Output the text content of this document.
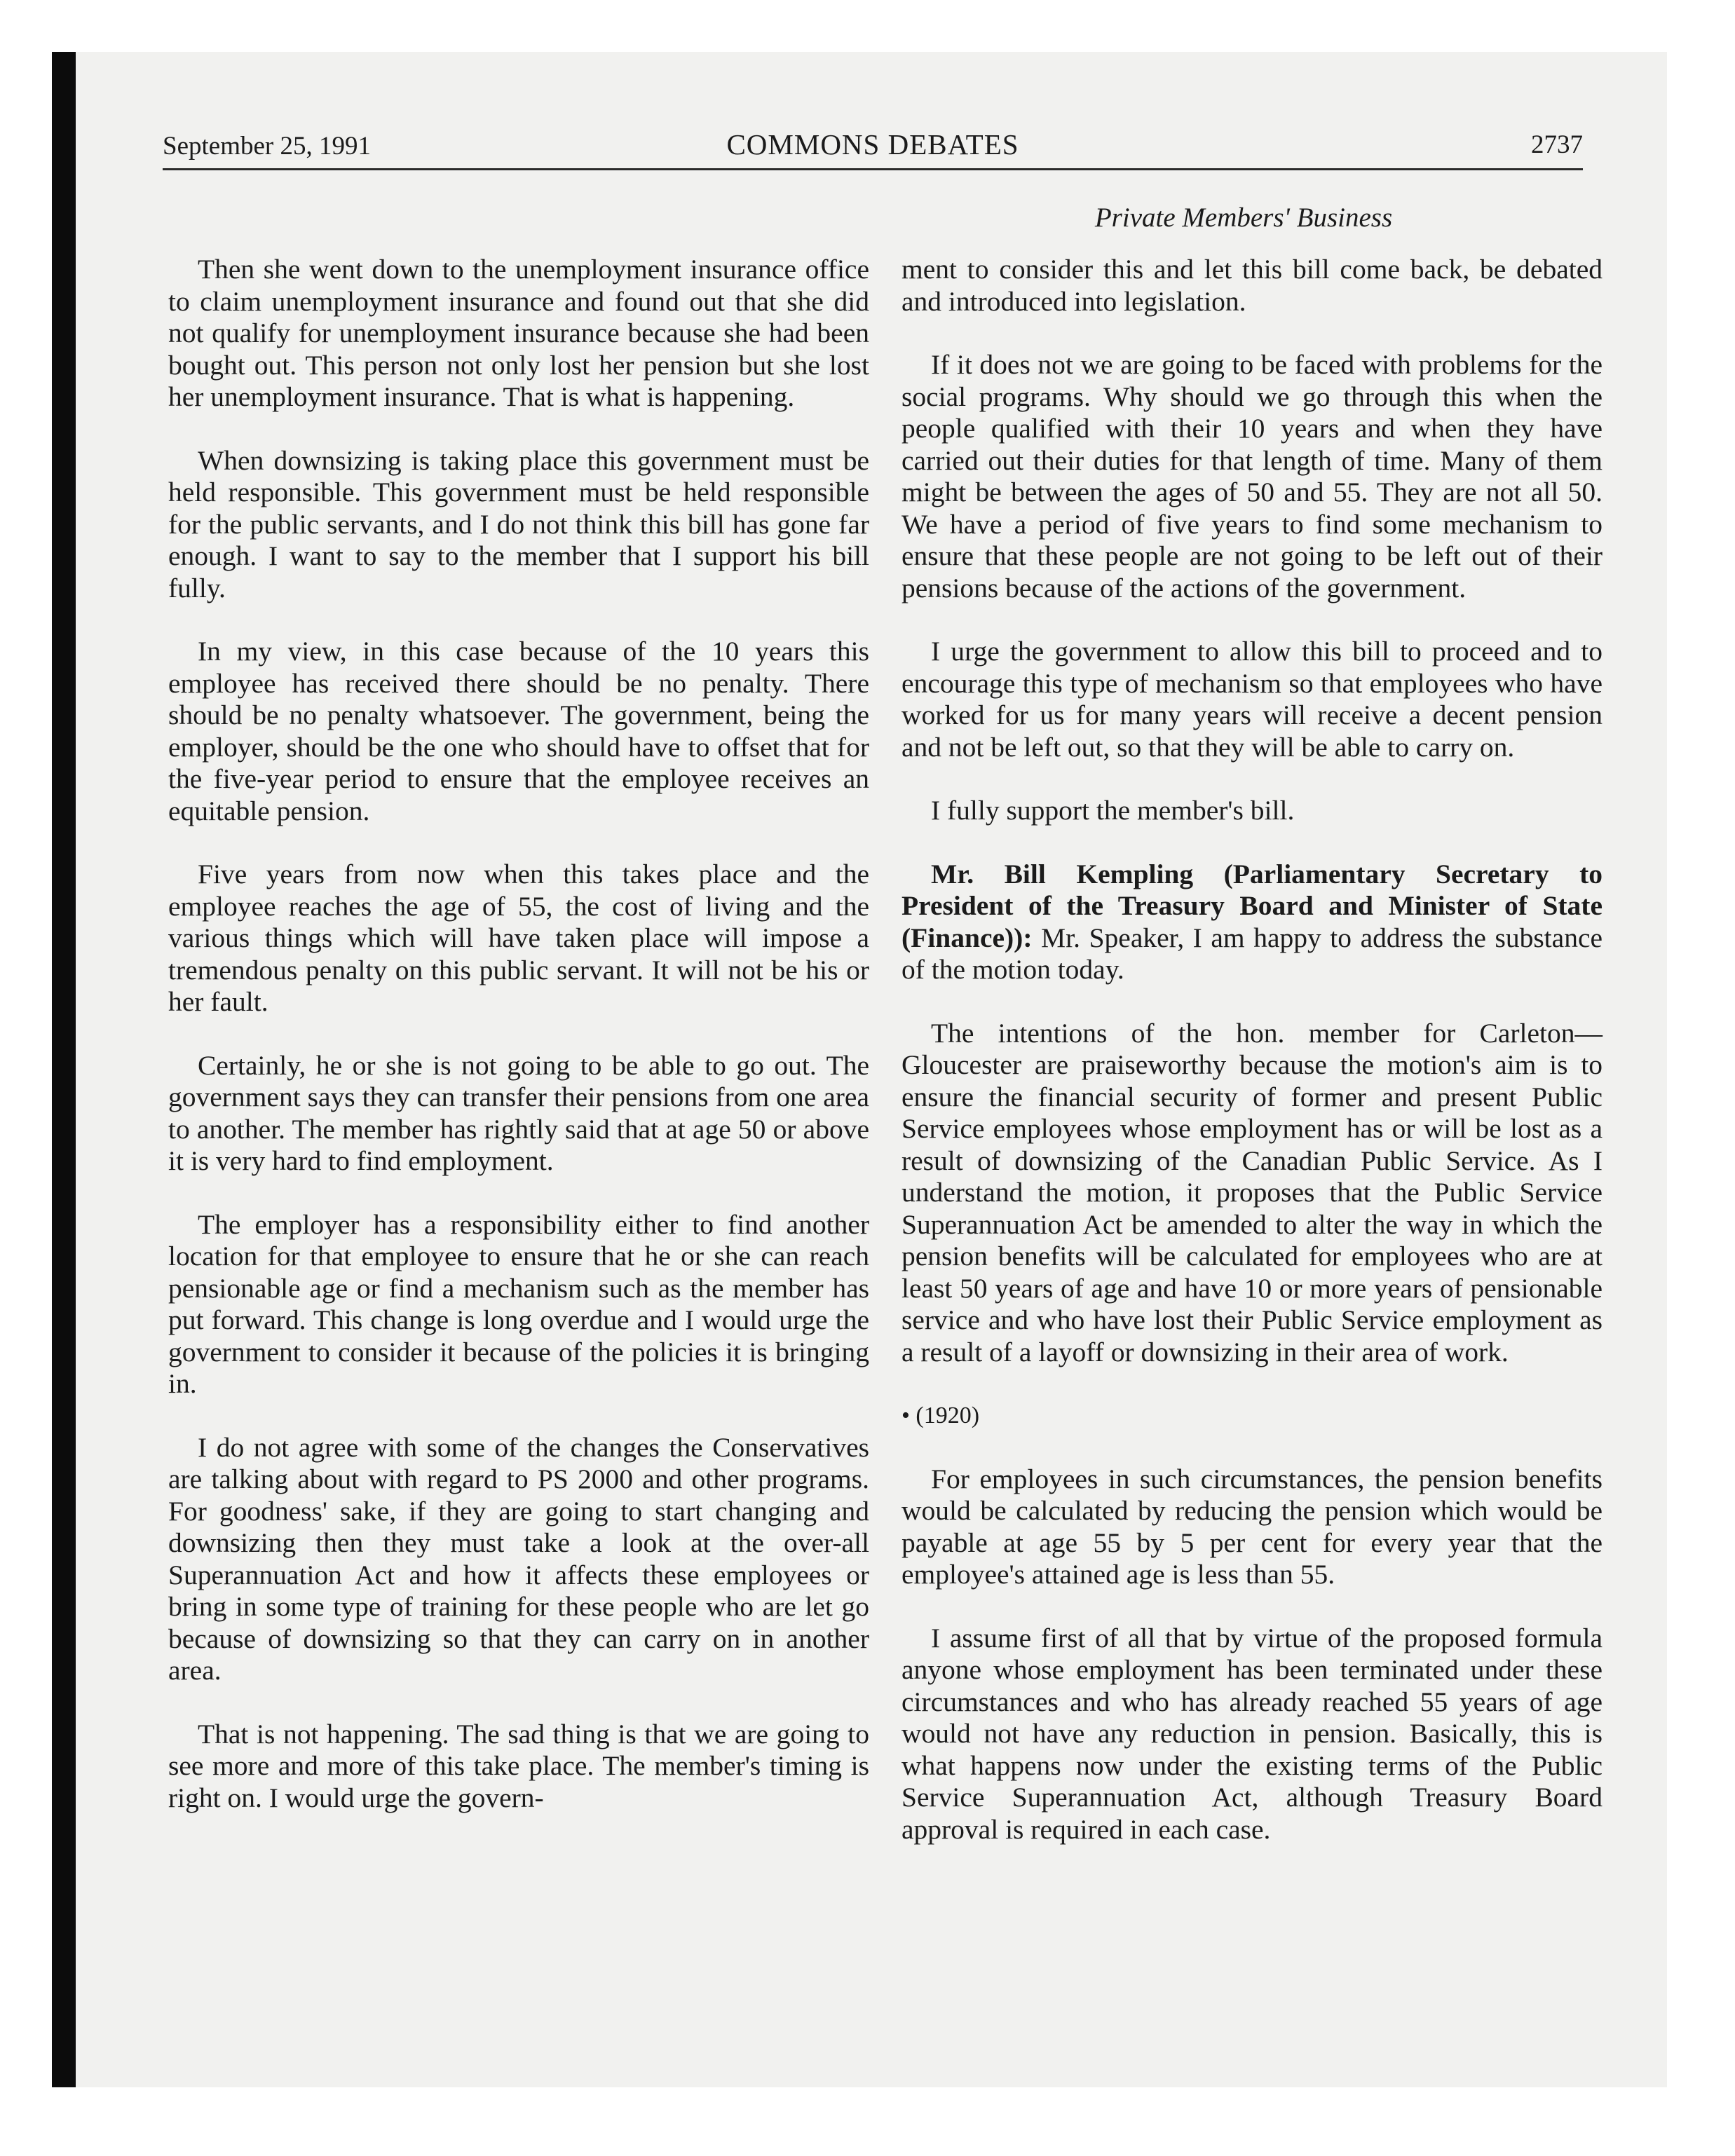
September 25, 1991	COMMONS DEBATES	2737
Private Members' Business

Then she went down to the unemployment insurance office to claim unemployment insurance and found out that she did not qualify for unemployment insurance because she had been bought out. This person not only lost her pension but she lost her unemployment insurance. That is what is happening.

When downsizing is taking place this government must be held responsible. This government must be held responsible for the public servants, and I do not think this bill has gone far enough. I want to say to the member that I support his bill fully.

In my view, in this case because of the 10 years this employee has received there should be no penalty. There should be no penalty whatsoever. The government, being the employer, should be the one who should have to offset that for the five-year period to ensure that the employee receives an equitable pension.

Five years from now when this takes place and the employee reaches the age of 55, the cost of living and the various things which will have taken place will impose a tremendous penalty on this public servant. It will not be his or her fault.

Certainly, he or she is not going to be able to go out. The government says they can transfer their pensions from one area to another. The member has rightly said that at age 50 or above it is very hard to find employment.

The employer has a responsibility either to find another location for that employee to ensure that he or she can reach pensionable age or find a mechanism such as the member has put forward. This change is long overdue and I would urge the government to consider it because of the policies it is bringing in.

I do not agree with some of the changes the Conservatives are talking about with regard to PS 2000 and other programs. For goodness' sake, if they are going to start changing and downsizing then they must take a look at the over-all Superannuation Act and how it affects these employees or bring in some type of training for these people who are let go because of downsizing so that they can carry on in another area.

That is not happening. The sad thing is that we are going to see more and more of this take place. The member's timing is right on. I would urge the govern-

ment to consider this and let this bill come back, be debated and introduced into legislation.

If it does not we are going to be faced with problems for the social programs. Why should we go through this when the people qualified with their 10 years and when they have carried out their duties for that length of time. Many of them might be between the ages of 50 and 55. They are not all 50. We have a period of five years to find some mechanism to ensure that these people are not going to be left out of their pensions because of the actions of the government.

I urge the government to allow this bill to proceed and to encourage this type of mechanism so that employees who have worked for us for many years will receive a decent pension and not be left out, so that they will be able to carry on.

I fully support the member's bill.

Mr. Bill Kempling (Parliamentary Secretary to President of the Treasury Board and Minister of State (Finance)): Mr. Speaker, I am happy to address the substance of the motion today.

The intentions of the hon. member for Carleton—Gloucester are praiseworthy because the motion's aim is to ensure the financial security of former and present Public Service employees whose employment has or will be lost as a result of downsizing of the Canadian Public Service. As I understand the motion, it proposes that the Public Service Superannuation Act be amended to alter the way in which the pension benefits will be calculated for employees who are at least 50 years of age and have 10 or more years of pensionable service and who have lost their Public Service employment as a result of a layoff or downsizing in their area of work.

• (1920)

For employees in such circumstances, the pension benefits would be calculated by reducing the pension which would be payable at age 55 by 5 per cent for every year that the employee's attained age is less than 55.

I assume first of all that by virtue of the proposed formula anyone whose employment has been terminated under these circumstances and who has already reached 55 years of age would not have any reduction in pension. Basically, this is what happens now under the existing terms of the Public Service Superannuation Act, although Treasury Board approval is required in each case.
